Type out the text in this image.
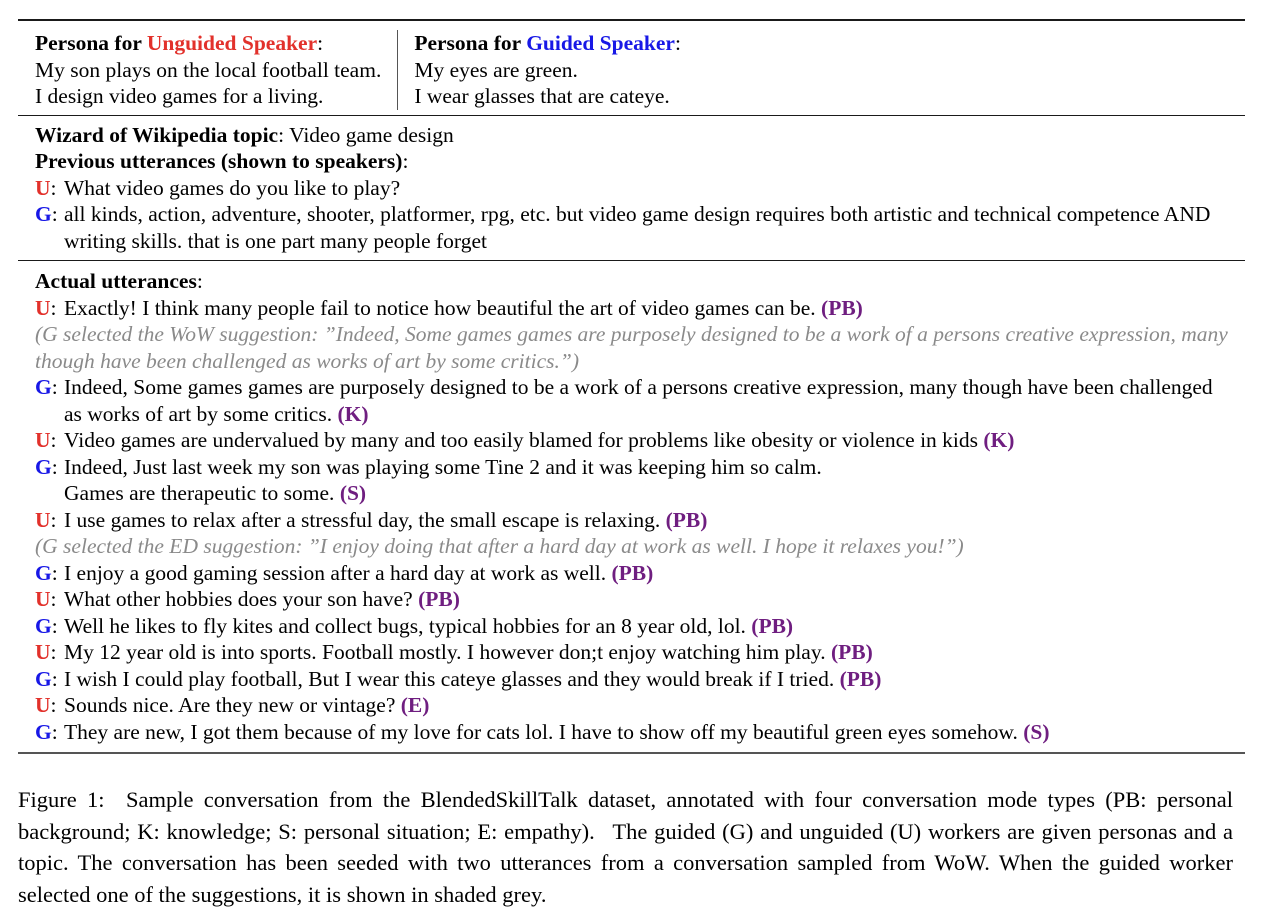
Persona for Unguided Speaker:
My son plays on the local football team.
I design video games for a living.
Persona for Guided Speaker:
My eyes are green.
I wear glasses that are cateye.
Wizard of Wikipedia topic: Video game design
Previous utterances (shown to speakers):
U: What video games do you like to play?
G: all kinds, action, adventure, shooter, platformer, rpg, etc. but video game design requires both artistic and technical competence AND writing skills. that is one part many people forget
Actual utterances:
U: Exactly! I think many people fail to notice how beautiful the art of video games can be. (PB)
(G selected the WoW suggestion: ”Indeed, Some games games are purposely designed to be a work of a persons creative expression, many though have been challenged as works of art by some critics.”)
G: Indeed, Some games games are purposely designed to be a work of a persons creative expression, many though have been challenged as works of art by some critics. (K)
U: Video games are undervalued by many and too easily blamed for problems like obesity or violence in kids (K)
G: Indeed, Just last week my son was playing some Tine 2 and it was keeping him so calm.
Games are therapeutic to some. (S)
U: I use games to relax after a stressful day, the small escape is relaxing. (PB)
(G selected the ED suggestion: ”I enjoy doing that after a hard day at work as well. I hope it relaxes you!”)
G: I enjoy a good gaming session after a hard day at work as well. (PB)
U: What other hobbies does your son have? (PB)
G: Well he likes to fly kites and collect bugs, typical hobbies for an 8 year old, lol. (PB)
U: My 12 year old is into sports. Football mostly. I however don;t enjoy watching him play. (PB)
G: I wish I could play football, But I wear this cateye glasses and they would break if I tried. (PB)
U: Sounds nice. Are they new or vintage? (E)
G: They are new, I got them because of my love for cats lol. I have to show off my beautiful green eyes somehow. (S)
Figure 1:  Sample conversation from the BlendedSkillTalk dataset, annotated with four conversation mode types (PB: personal background; K: knowledge; S: personal situation; E: empathy).  The guided (G) and unguided (U) workers are given personas and a topic. The conversation has been seeded with two utterances from a conversation sampled from WoW. When the guided worker selected one of the suggestions, it is shown in shaded grey.
